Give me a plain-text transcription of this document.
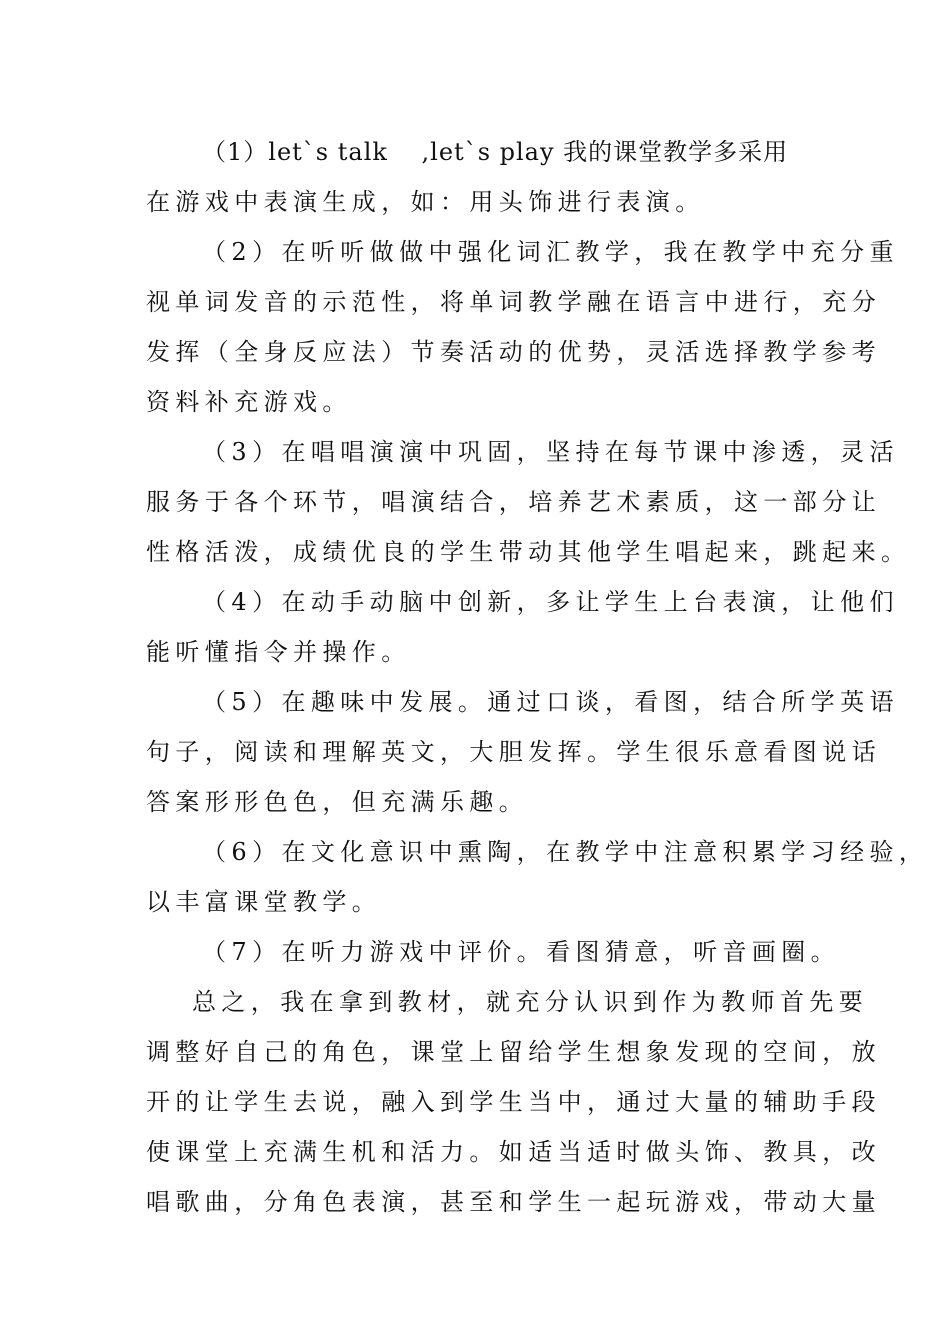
（1）let`s talk　 ,let`s play 我的课堂教学多采用
在游戏中表演生成，如：用头饰进行表演。
（2）在听听做做中强化词汇教学，我在教学中充分重
视单词发音的示范性，将单词教学融在语言中进行，充分
发挥（全身反应法）节奏活动的优势，灵活选择教学参考
资料补充游戏。
（3）在唱唱演演中巩固，坚持在每节课中渗透，灵活
服务于各个环节，唱演结合，培养艺术素质，这一部分让
性格活泼，成绩优良的学生带动其他学生唱起来，跳起来。
（4）在动手动脑中创新，多让学生上台表演，让他们
能听懂指令并操作。
（5）在趣味中发展。通过口谈，看图，结合所学英语
句子，阅读和理解英文，大胆发挥。学生很乐意看图说话
答案形形色色，但充满乐趣。
（6）在文化意识中熏陶，在教学中注意积累学习经验，
以丰富课堂教学。
（7）在听力游戏中评价。看图猜意，听音画圈。
总之，我在拿到教材，就充分认识到作为教师首先要
调整好自己的角色，课堂上留给学生想象发现的空间，放
开的让学生去说，融入到学生当中，通过大量的辅助手段
使课堂上充满生机和活力。如适当适时做头饰、教具，改
唱歌曲，分角色表演，甚至和学生一起玩游戏，带动大量
